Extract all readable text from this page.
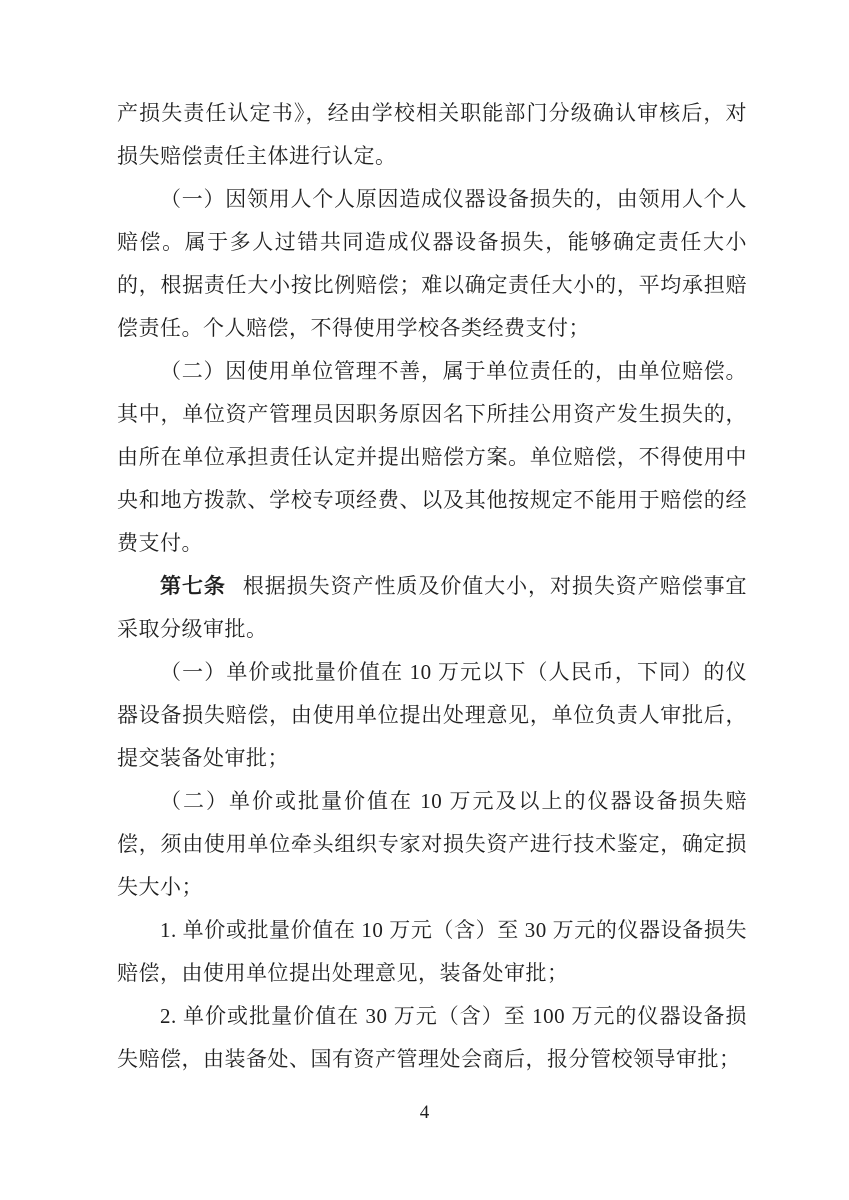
产损失责任认定书》，经由学校相关职能部门分级确认审核后，对损失赔偿责任主体进行认定。

（一）因领用人个人原因造成仪器设备损失的，由领用人个人赔偿。属于多人过错共同造成仪器设备损失，能够确定责任大小的，根据责任大小按比例赔偿；难以确定责任大小的，平均承担赔偿责任。个人赔偿，不得使用学校各类经费支付；

（二）因使用单位管理不善，属于单位责任的，由单位赔偿。其中，单位资产管理员因职务原因名下所挂公用资产发生损失的，由所在单位承担责任认定并提出赔偿方案。单位赔偿，不得使用中央和地方拨款、学校专项经费、以及其他按规定不能用于赔偿的经费支付。

第七条 根据损失资产性质及价值大小，对损失资产赔偿事宜采取分级审批。

（一）单价或批量价值在 10 万元以下（人民币，下同）的仪器设备损失赔偿，由使用单位提出处理意见，单位负责人审批后，提交装备处审批；

（二）单价或批量价值在 10 万元及以上的仪器设备损失赔偿，须由使用单位牵头组织专家对损失资产进行技术鉴定，确定损失大小；

1. 单价或批量价值在 10 万元（含）至 30 万元的仪器设备损失赔偿，由使用单位提出处理意见，装备处审批；

2. 单价或批量价值在 30 万元（含）至 100 万元的仪器设备损失赔偿，由装备处、国有资产管理处会商后，报分管校领导审批；

4
